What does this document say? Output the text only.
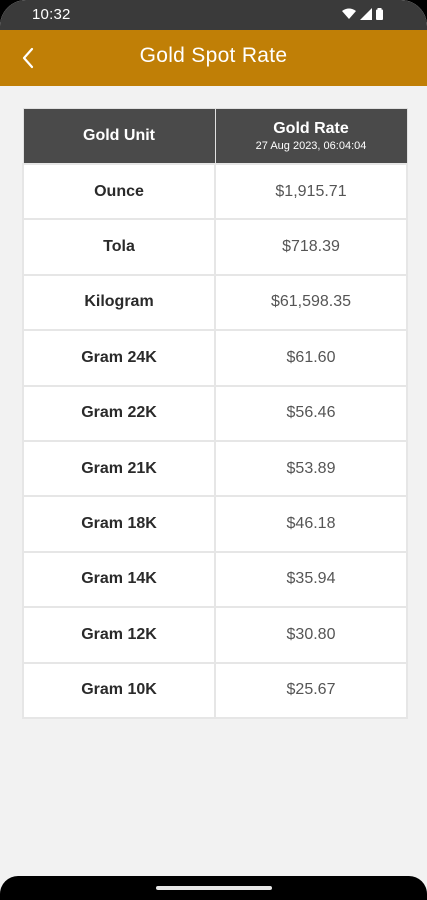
10:32
Gold Spot Rate
Gold Unit	Gold Rate
27 Aug 2023, 06:04:04

Ounce	$1,915.71
Tola	$718.39
Kilogram	$61,598.35
Gram 24K	$61.60
Gram 22K	$56.46
Gram 21K	$53.89
Gram 18K	$46.18
Gram 14K	$35.94
Gram 12K	$30.80
Gram 10K	$25.67
